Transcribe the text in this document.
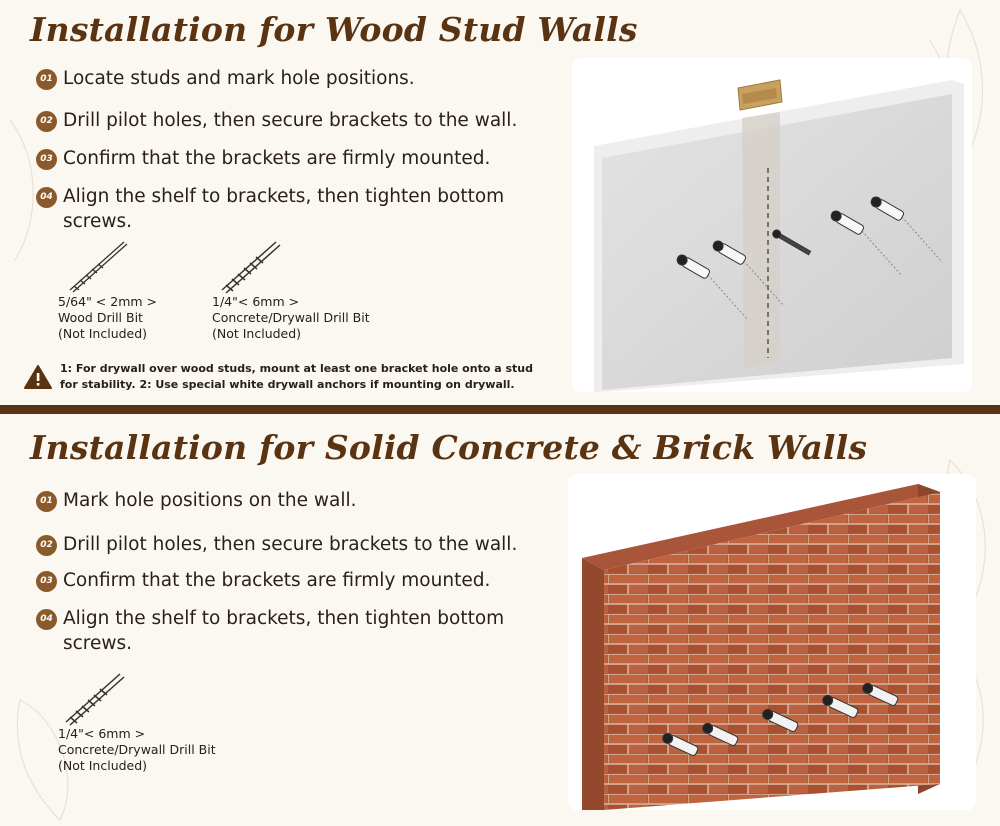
Installation for Wood Stud Walls
01 Locate studs and mark hole positions.
02 Drill pilot holes, then secure brackets to the wall.
03 Confirm that the brackets are firmly mounted.
04 Align the shelf to brackets, then tighten bottom screws.
5/64" < 2mm >
Wood Drill Bit
(Not Included)
1/4"< 6mm >
Concrete/Drywall Drill Bit
(Not Included)
1: For drywall over wood studs, mount at least one bracket hole onto a stud
for stability. 2: Use special white drywall anchors if mounting on drywall.
Installation for Solid Concrete & Brick Walls
01 Mark hole positions on the wall.
02 Drill pilot holes, then secure brackets to the wall.
03 Confirm that the brackets are firmly mounted.
04 Align the shelf to brackets, then tighten bottom screws.
1/4"< 6mm >
Concrete/Drywall Drill Bit
(Not Included)
